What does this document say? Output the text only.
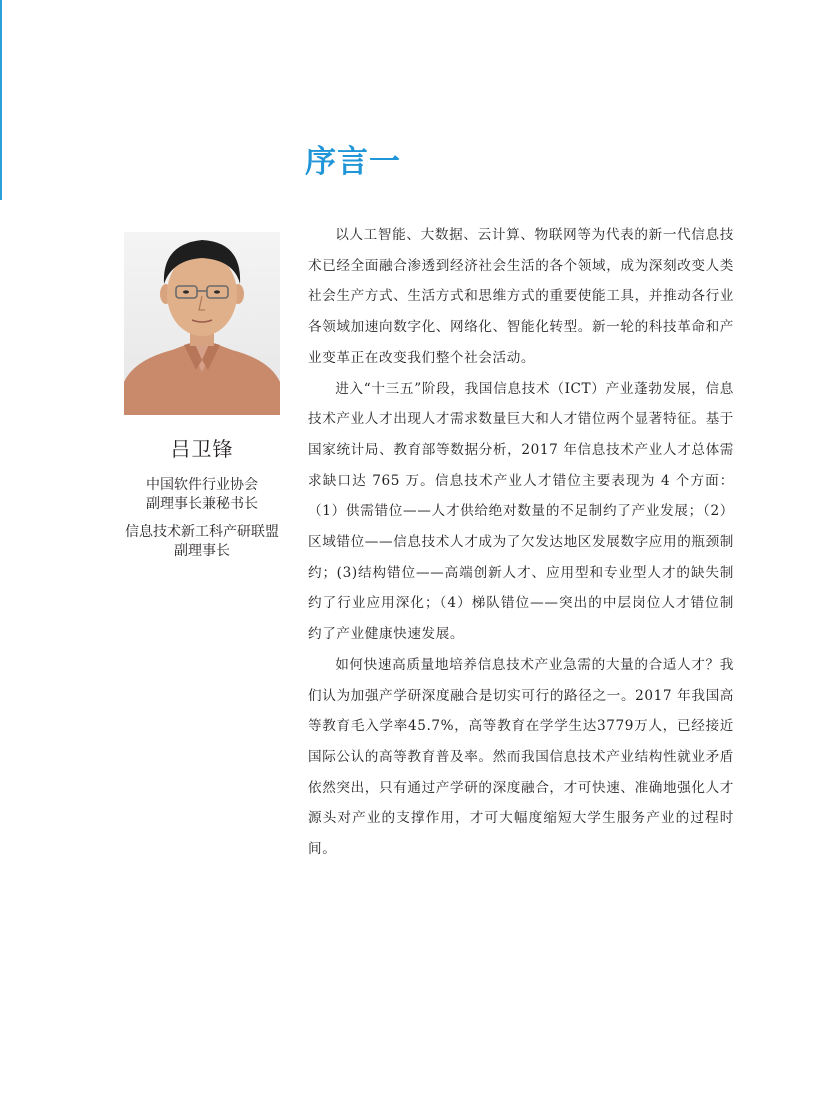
序言一
吕卫锋
中国软件行业协会
副理事长兼秘书长
信息技术新工科产研联盟
副理事长

以人工智能、大数据、云计算、物联网等为代表的新一代信息技术已经全面融合渗透到经济社会生活的各个领域，成为深刻改变人类社会生产方式、生活方式和思维方式的重要使能工具，并推动各行业各领域加速向数字化、网络化、智能化转型。新一轮的科技革命和产业变革正在改变我们整个社会活动。

进入“十三五”阶段，我国信息技术（ICT）产业蓬勃发展，信息技术产业人才出现人才需求数量巨大和人才错位两个显著特征。基于国家统计局、教育部等数据分析，2017 年信息技术产业人才总体需求缺口达 765 万。信息技术产业人才错位主要表现为 4 个方面：（1）供需错位——人才供给绝对数量的不足制约了产业发展；（2）区域错位——信息技术人才成为了欠发达地区发展数字应用的瓶颈制约；(3)结构错位——高端创新人才、应用型和专业型人才的缺失制约了行业应用深化；（4）梯队错位——突出的中层岗位人才错位制约了产业健康快速发展。

如何快速高质量地培养信息技术产业急需的大量的合适人才？我们认为加强产学研深度融合是切实可行的路径之一。2017 年我国高等教育毛入学率45.7%，高等教育在学学生达3779万人，已经接近国际公认的高等教育普及率。然而我国信息技术产业结构性就业矛盾依然突出，只有通过产学研的深度融合，才可快速、准确地强化人才源头对产业的支撑作用，才可大幅度缩短大学生服务产业的过程时间。
